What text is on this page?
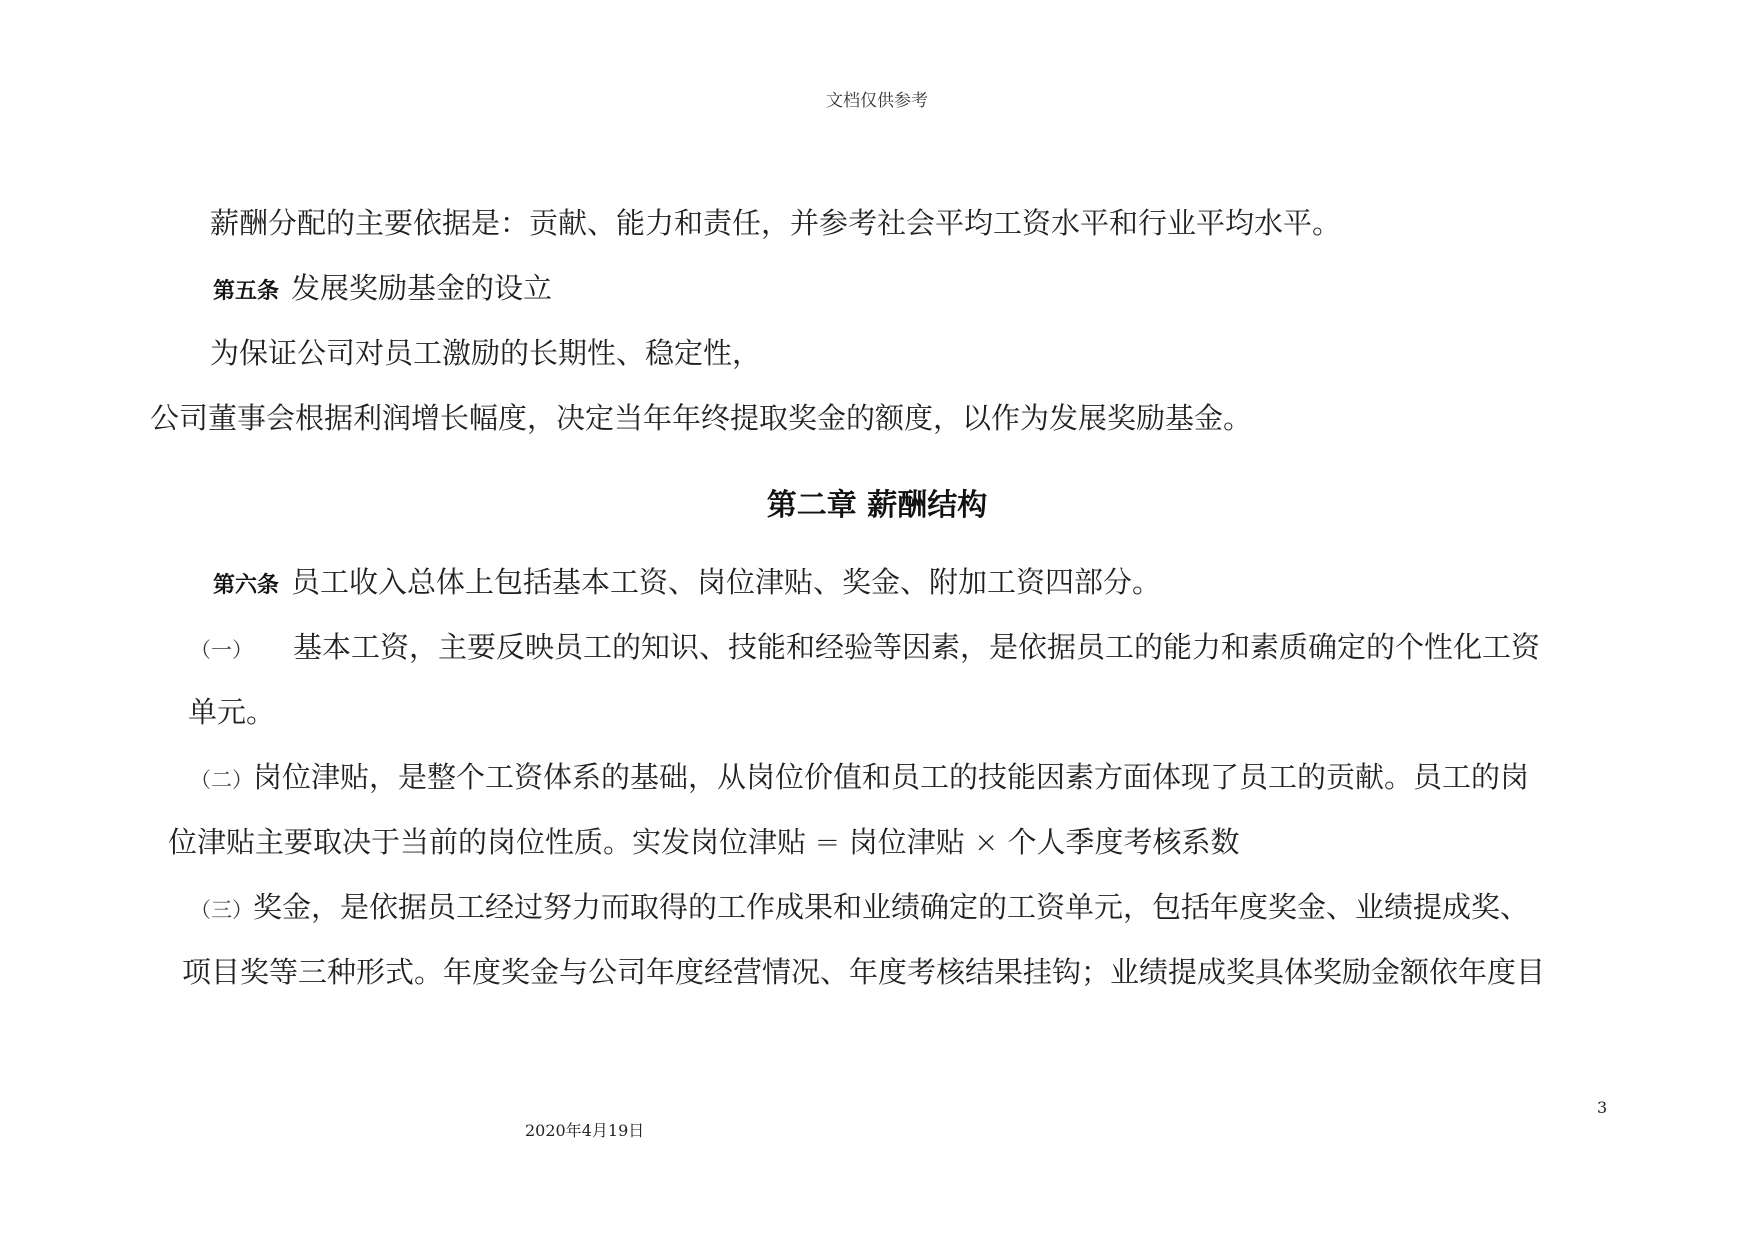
文档仅供参考
薪酬分配的主要依据是：贡献、能力和责任，并参考社会平均工资水平和行业平均水平。
第五条 发展奖励基金的设立
为保证公司对员工激励的长期性、稳定性，
公司董事会根据利润增长幅度，决定当年年终提取奖金的额度，以作为发展奖励基金。
第二章 薪酬结构
第六条 员工收入总体上包括基本工资、岗位津贴、奖金、附加工资四部分。
（一） 基本工资，主要反映员工的知识、技能和经验等因素，是依据员工的能力和素质确定的个性化工资
单元。
（二）岗位津贴，是整个工资体系的基础，从岗位价值和员工的技能因素方面体现了员工的贡献。员工的岗
位津贴主要取决于当前的岗位性质。实发岗位津贴 = 岗位津贴 × 个人季度考核系数
（三）奖金，是依据员工经过努力而取得的工作成果和业绩确定的工资单元，包括年度奖金、业绩提成奖、
项目奖等三种形式。年度奖金与公司年度经营情况、年度考核结果挂钩；业绩提成奖具体奖励金额依年度目
3
2020年4月19日
